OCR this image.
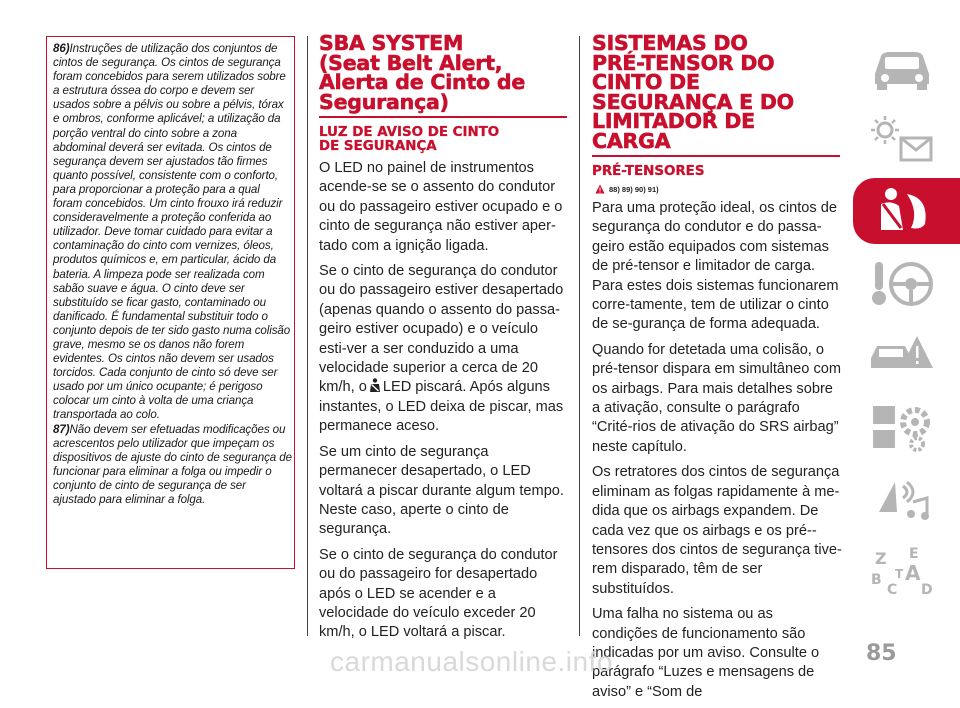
86)Instruções de utilização dos conjuntos de cintos de segurança. Os cintos de segurança foram concebidos para serem utilizados sobre a estrutura óssea do corpo e devem ser usados sobre a pélvis ou sobre a pélvis, tórax e ombros, conforme aplicável; a utilização da porção ventral do cinto sobre a zona abdominal deverá ser evitada. Os cintos de segurança devem ser ajustados tão firmes quanto possível, consistente com o conforto, para proporcionar a proteção para a qual foram concebidos. Um cinto frouxo irá reduzir consideravelmente a proteção conferida ao utilizador. Deve tomar cuidado para evitar a contaminação do cinto com vernizes, óleos, produtos químicos e, em particular, ácido da bateria. A limpeza pode ser realizada com sabão suave e água. O cinto deve ser substituído se ficar gasto, contaminado ou danificado. É fundamental substituir todo o conjunto depois de ter sido gasto numa colisão grave, mesmo se os danos não forem evidentes. Os cintos não devem ser usados torcidos. Cada conjunto de cinto só deve ser usado por um único ocupante; é perigoso colocar um cinto à volta de uma criança transportada ao colo.

87)Não devem ser efetuadas modificações ou acrescentos pelo utilizador que impeçam os dispositivos de ajuste do cinto de segurança de funcionar para eliminar a folga ou impedir o conjunto de cinto de segurança de ser ajustado para eliminar a folga.

SBA SYSTEM
(Seat Belt Alert,
Alerta de Cinto de
Segurança)
LUZ DE AVISO DE CINTO
DE SEGURANÇA

O LED no painel de instrumentos acende-se se o assento do condutor ou do passageiro estiver ocupado e o cinto de segurança não estiver aper-tado com a ignição ligada.

Se o cinto de segurança do condutor ou do passageiro estiver desapertado (apenas quando o assento do passa-geiro estiver ocupado) e o veículo esti-ver a ser conduzido a uma velocidade superior a cerca de 20 km/h, o LED piscará. Após alguns instantes, o LED deixa de piscar, mas permanece aceso.

Se um cinto de segurança permanecer desapertado, o LED voltará a piscar durante algum tempo. Neste caso, aperte o cinto de segurança.

Se o cinto de segurança do condutor ou do passageiro for desapertado após o LED se acender e a velocidade do veículo exceder 20 km/h, o LED voltará a piscar.

SISTEMAS DO
PRÉ-TENSOR DO
CINTO DE
SEGURANÇA E DO
LIMITADOR DE
CARGA
PRÉ-TENSORES
88) 89) 90) 91)

Para uma proteção ideal, os cintos de segurança do condutor e do passa-geiro estão equipados com sistemas de pré-tensor e limitador de carga. Para estes dois sistemas funcionarem corre-tamente, tem de utilizar o cinto de se-gurança de forma adequada.

Quando for detetada uma colisão, o pré-tensor dispara em simultâneo com os airbags. Para mais detalhes sobre a ativação, consulte o parágrafo “Crité-rios de ativação do SRS airbag” neste capítulo.

Os retratores dos cintos de segurança eliminam as folgas rapidamente à me-dida que os airbags expandem. De cada vez que os airbags e os pré--tensores dos cintos de segurança tive-rem disparado, têm de ser substituídos.

Uma falha no sistema ou as condições de funcionamento são indicadas por um aviso. Consulte o parágrafo “Luzes e mensagens de aviso” e “Som de

Z E
B A
C
T
D
85
carmanualsonline.info
